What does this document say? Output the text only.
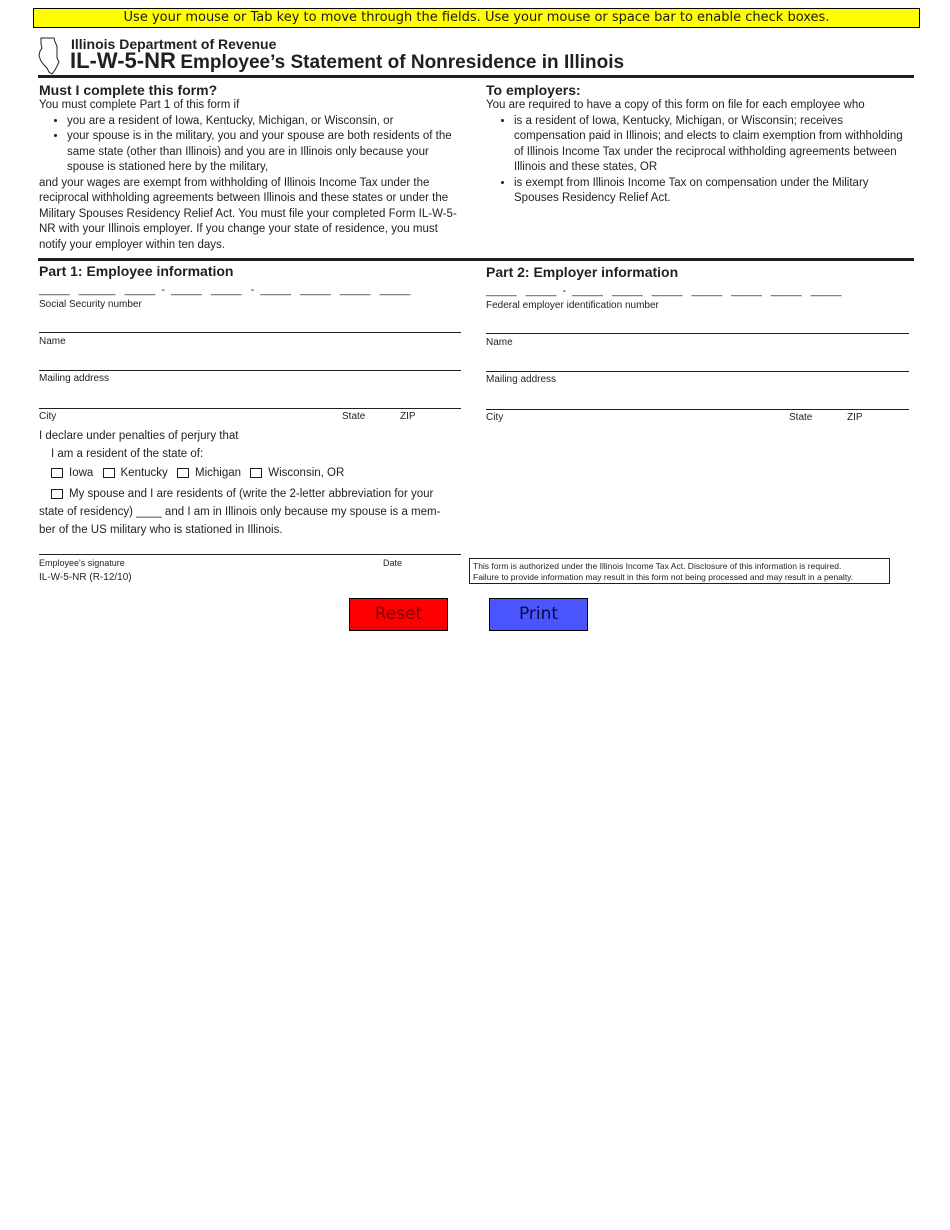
Use your mouse or Tab key to move through the fields. Use your mouse or space bar to enable check boxes.
Illinois Department of Revenue
IL-W-5-NR Employee’s Statement of Nonresidence in Illinois
Must I complete this form?
You must complete Part 1 of this form if
• you are a resident of Iowa, Kentucky, Michigan, or Wisconsin, or
• your spouse is in the military, you and your spouse are both residents of the same state (other than Illinois) and you are in Illinois only because your spouse is stationed here by the military,
and your wages are exempt from withholding of Illinois Income Tax under the reciprocal withholding agreements between Illinois and these states or under the Military Spouses Residency Relief Act. You must file your completed Form IL-W-5-NR with your Illinois employer. If you change your state of residence, you must notify your employer within ten days.
To employers:
You are required to have a copy of this form on file for each employee who
• is a resident of Iowa, Kentucky, Michigan, or Wisconsin; receives compensation paid in Illinois; and elects to claim exemption from withholding of Illinois Income Tax under the reciprocal withholding agreements between Illinois and these states, OR
• is exempt from Illinois Income Tax on compensation under the Military Spouses Residency Relief Act.
Part 1: Employee information
_____   ______   _____  -  _____   _____   -  _____   _____   _____   _____
Social Security number
Name
Mailing address
City	State	ZIP
I declare under penalties of perjury that
I am a resident of the state of:
Iowa Kentucky Michigan Wisconsin, OR
My spouse and I are residents of (write the 2-letter abbreviation for your
state of residency) ____ and I am in Illinois only because my spouse is a mem-
ber of the US military who is stationed in Illinois.
Employee's signature	Date
IL-W-5-NR (R-12/10)
Part 2: Employer information
_____   _____  -  _____   _____   _____   _____   _____   _____   _____
Federal employer identification number
Name
Mailing address
City	State	ZIP
This form is authorized under the Illinois Income Tax Act. Disclosure of this information is required.
Failure to provide information may result in this form not being processed and may result in a penalty.
Reset	Print
